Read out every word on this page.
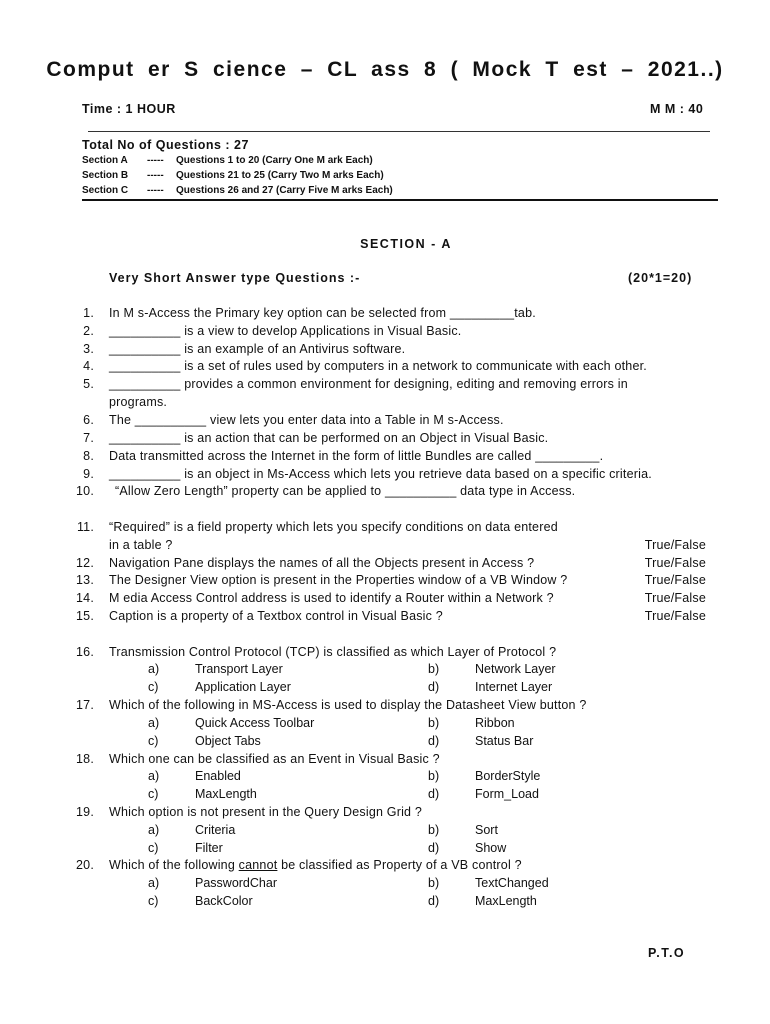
Comput er S cience – CL ass 8 ( Mock T est – 2021..)
Time : 1 HOUR	M M : 40
Total No of Questions : 27
Section A ----- Questions 1 to 20 (Carry One M ark Each)
Section B ----- Questions 21 to 25 (Carry Two M arks Each)
Section C ----- Questions 26 and 27 (Carry Five M arks Each)
SECTION - A
Very Short Answer type Questions :-	(20*1=20)
1. In M s-Access the Primary key option can be selected from _________tab.
2. __________ is a view to develop Applications in Visual Basic.
3. __________ is an example of an Antivirus software.
4. __________ is a set of rules used by computers in a network to communicate with each other.
5. __________ provides a common environment for designing, editing and removing errors in
programs.
6. The __________ view lets you enter data into a Table in M s-Access.
7. __________ is an action that can be performed on an Object in Visual Basic.
8. Data transmitted across the Internet in the form of little Bundles are called _________.
9. __________ is an object in Ms-Access which lets you retrieve data based on a specific criteria.
10. “Allow Zero Length” property can be applied to __________ data type in Access.
11. “Required” is a field property which lets you specify conditions on data entered
in a table ?	True/False
12. Navigation Pane displays the names of all the Objects present in Access ?	True/False
13. The Designer View option is present in the Properties window of a VB Window ?	True/False
14. M edia Access Control address is used to identify a Router within a Network ?	True/False
15. Caption is a property of a Textbox control in Visual Basic ?	True/False
16. Transmission Control Protocol (TCP) is classified as which Layer of Protocol ?
a)	Transport Layer	b)	Network Layer
c)	Application Layer	d)	Internet Layer
17. Which of the following in MS-Access is used to display the Datasheet View button ?
a)	Quick Access Toolbar	b)	Ribbon
c)	Object Tabs	d)	Status Bar
18. Which one can be classified as an Event in Visual Basic ?
a)	Enabled	b)	BorderStyle
c)	MaxLength	d)	Form_Load
19. Which option is not present in the Query Design Grid ?
a)	Criteria	b)	Sort
c)	Filter	d)	Show
20. Which of the following cannot be classified as Property of a VB control ?
a)	PasswordChar	b)	TextChanged
c)	BackColor	d)	MaxLength
P.T.O
